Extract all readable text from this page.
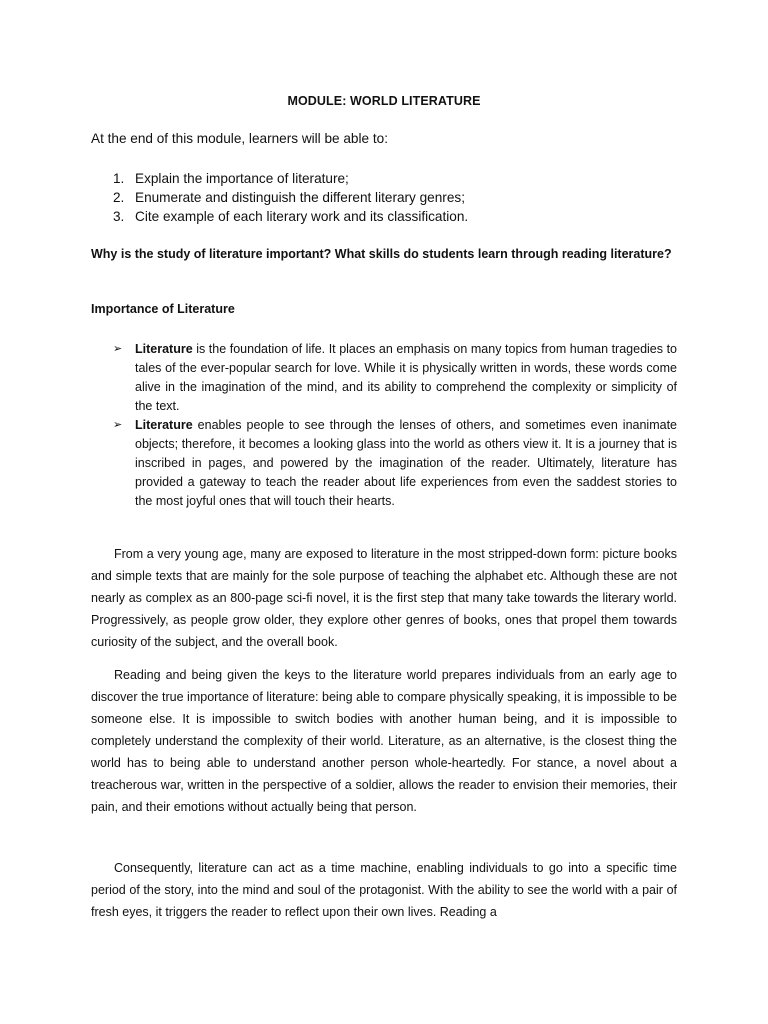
MODULE: WORLD LITERATURE
At the end of this module, learners will be able to:
1. Explain the importance of literature;
2. Enumerate and distinguish the different literary genres;
3. Cite example of each literary work and its classification.
Why is the study of literature important? What skills do students learn through reading literature?
Importance of Literature
➢	Literature is the foundation of life. It places an emphasis on many topics from human tragedies to tales of the ever-popular search for love. While it is physically written in words, these words come alive in the imagination of the mind, and its ability to comprehend the complexity or simplicity of the text.
➢	Literature enables people to see through the lenses of others, and sometimes even inanimate objects; therefore, it becomes a looking glass into the world as others view it. It is a journey that is inscribed in pages, and powered by the imagination of the reader. Ultimately, literature has provided a gateway to teach the reader about life experiences from even the saddest stories to the most joyful ones that will touch their hearts.

From a very young age, many are exposed to literature in the most stripped-down form: picture books and simple texts that are mainly for the sole purpose of teaching the alphabet etc. Although these are not nearly as complex as an 800-page sci-fi novel, it is the first step that many take towards the literary world. Progressively, as people grow older, they explore other genres of books, ones that propel them towards curiosity of the subject, and the overall book.

Reading and being given the keys to the literature world prepares individuals from an early age to discover the true importance of literature: being able to compare physically speaking, it is impossible to be someone else. It is impossible to switch bodies with another human being, and it is impossible to completely understand the complexity of their world. Literature, as an alternative, is the closest thing the world has to being able to understand another person whole-heartedly. For stance, a novel about a treacherous war, written in the perspective of a soldier, allows the reader to envision their memories, their pain, and their emotions without actually being that person.

Consequently, literature can act as a time machine, enabling individuals to go into a specific time period of the story, into the mind and soul of the protagonist. With the ability to see the world with a pair of fresh eyes, it triggers the reader to reflect upon their own lives. Reading a
